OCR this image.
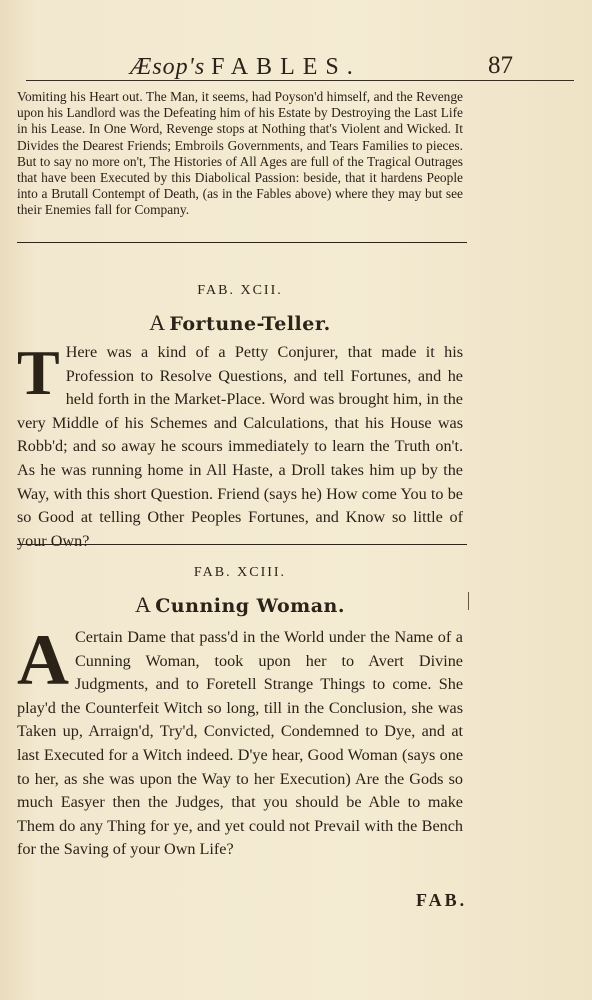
Æsop's FABLES.	87
Vomiting his Heart out. The Man, it seems, had Poyson'd himself, and the Revenge upon his Landlord was the Defeating him of his Estate by Destroying the Last Life in his Lease. In One Word, Revenge stops at Nothing that's Violent and Wicked. It Divides the Dearest Friends; Embroils Governments, and Tears Families to pieces. But to say no more on't, The Histories of All Ages are full of the Tragical Outrages that have been Executed by this Diabolical Passion: beside, that it hardens People into a Brutall Contempt of Death, (as in the Fables above) where they may but see their Enemies fall for Company.
FAB. XCII.
A Fortune-Teller.
T Here was a kind of a Petty Conjurer, that made it his Profession to Resolve Questions, and tell Fortunes, and he held forth in the Market-Place. Word was brought him, in the very Middle of his Schemes and Calculations, that his House was Robb'd; and so away he scours immediately to learn the Truth on't. As he was running home in All Haste, a Droll takes him up by the Way, with this short Question. Friend (says he) How come You to be so Good at telling Other Peoples Fortunes, and Know so little of your Own?
FAB. XCIII.
A Cunning Woman.
A Certain Dame that pass'd in the World under the Name of a Cunning Woman, took upon her to Avert Divine Judgments, and to Foretell Strange Things to come. She play'd the Counterfeit Witch so long, till in the Conclusion, she was Taken up, Arraign'd, Try'd, Convicted, Condemned to Dye, and at last Executed for a Witch indeed. D'ye hear, Good Woman (says one to her, as she was upon the Way to her Execution) Are the Gods so much Easyer then the Judges, that you should be Able to make Them do any Thing for ye, and yet could not Prevail with the Bench for the Saving of your Own Life?
FAB.
